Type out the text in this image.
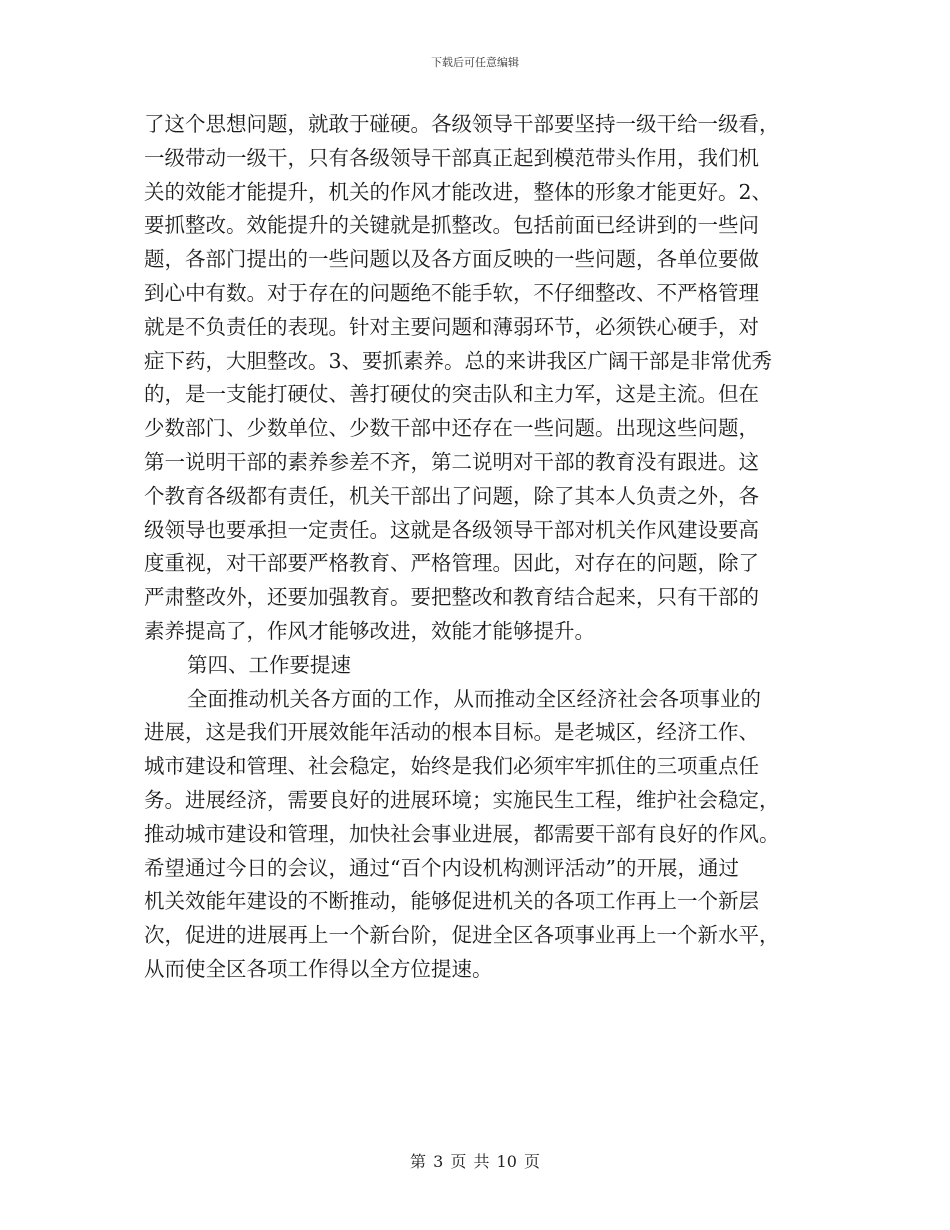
下载后可任意编辑
了这个思想问题，就敢于碰硬。各级领导干部要坚持一级干给一级看，
一级带动一级干，只有各级领导干部真正起到模范带头作用，我们机
关的效能才能提升，机关的作风才能改进，整体的形象才能更好。2、
要抓整改。效能提升的关键就是抓整改。包括前面已经讲到的一些问
题，各部门提出的一些问题以及各方面反映的一些问题，各单位要做
到心中有数。对于存在的问题绝不能手软，不仔细整改、不严格管理
就是不负责任的表现。针对主要问题和薄弱环节，必须铁心硬手，对
症下药，大胆整改。3、要抓素养。总的来讲我区广阔干部是非常优秀
的，是一支能打硬仗、善打硬仗的突击队和主力军，这是主流。但在
少数部门、少数单位、少数干部中还存在一些问题。出现这些问题，
第一说明干部的素养参差不齐，第二说明对干部的教育没有跟进。这
个教育各级都有责任，机关干部出了问题，除了其本人负责之外，各
级领导也要承担一定责任。这就是各级领导干部对机关作风建设要高
度重视，对干部要严格教育、严格管理。因此，对存在的问题，除了
严肃整改外，还要加强教育。要把整改和教育结合起来，只有干部的
素养提高了，作风才能够改进，效能才能够提升。
第四、工作要提速
全面推动机关各方面的工作，从而推动全区经济社会各项事业的
进展，这是我们开展效能年活动的根本目标。是老城区，经济工作、
城市建设和管理、社会稳定，始终是我们必须牢牢抓住的三项重点任
务。进展经济，需要良好的进展环境；实施民生工程，维护社会稳定，
推动城市建设和管理，加快社会事业进展，都需要干部有良好的作风。
希望通过今日的会议，通过“百个内设机构测评活动”的开展，通过
机关效能年建设的不断推动，能够促进机关的各项工作再上一个新层
次，促进的进展再上一个新台阶，促进全区各项事业再上一个新水平，
从而使全区各项工作得以全方位提速。
第 3 页 共 10 页
